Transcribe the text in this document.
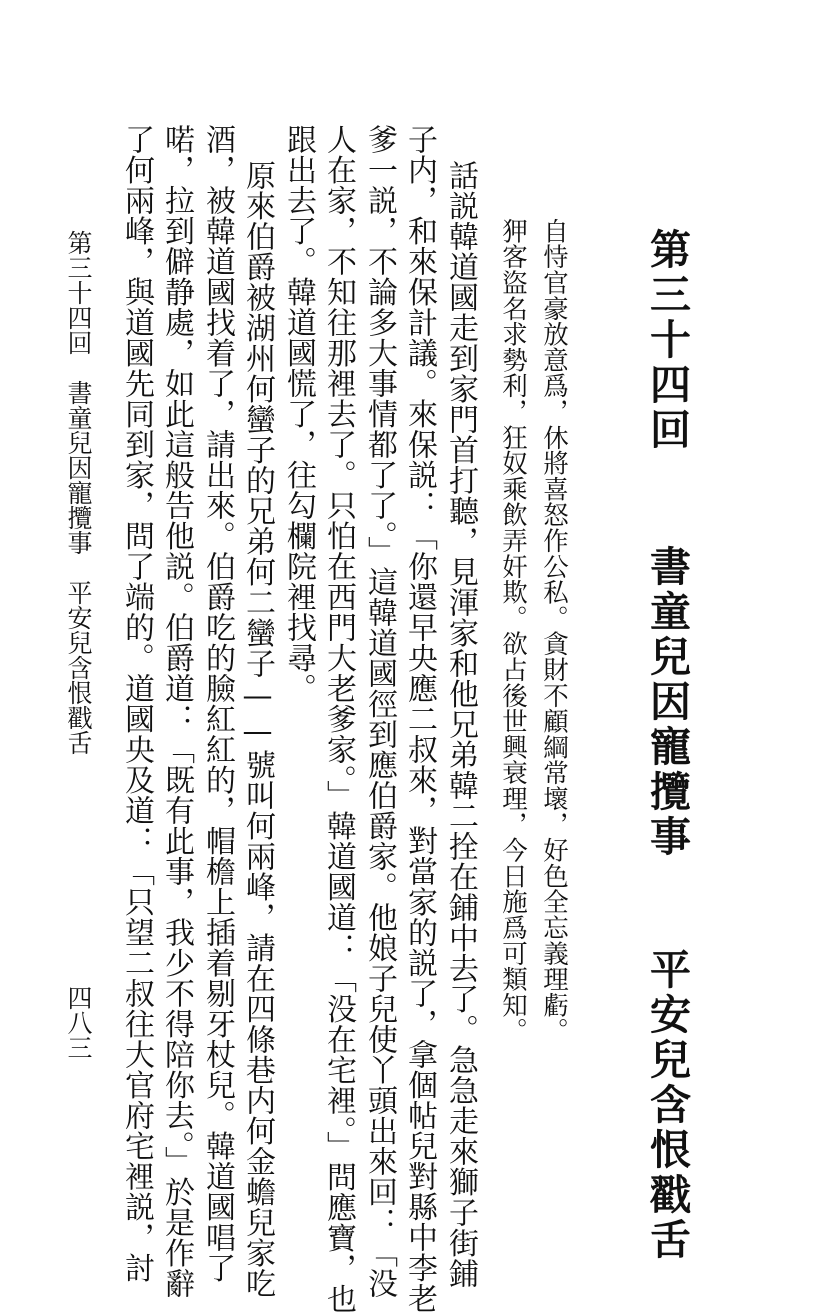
第三十四回書童兒因寵攬事平安兒含恨戳舌
自恃官豪放意爲，休將喜怒作公私。貪財不顧綱常壞，好色全忘義理虧。
狎客盜名求勢利，狂奴乘飲弄奸欺。欲占後世興衰理，今日施爲可類知。
話説韓道國走到家門首打聽，見渾家和他兄弟韓二拴在鋪中去了。急急走來獅子街鋪
子内，和來保計議。來保説：「你還早央應二叔來，對當家的説了，拿個帖兒對縣中李老
爹一説，不論多大事情都了了。」這韓道國徑到應伯爵家。他娘子兒使丫頭出來回：「没
人在家，不知往那裡去了。只怕在西門大老爹家。」韓道國道：「没在宅裡。」問應寶，也
跟出去了。韓道國慌了，往勾欄院裡找尋。
原來伯爵被湖州何蠻子的兄弟何二蠻子——號叫何兩峰，請在四條巷内何金蟾兒家吃
酒，被韓道國找着了，請出來。伯爵吃的臉紅紅的，帽檐上插着剔牙杖兒。韓道國唱了
喏，拉到僻静處，如此這般告他説。伯爵道：「既有此事，我少不得陪你去。」於是作辭
了何兩峰，與道國先同到家，問了端的。道國央及道：「只望二叔往大官府宅裡説，討
第三十四回　書童兒因寵攬事　平安兒含恨戳舌
四八三
